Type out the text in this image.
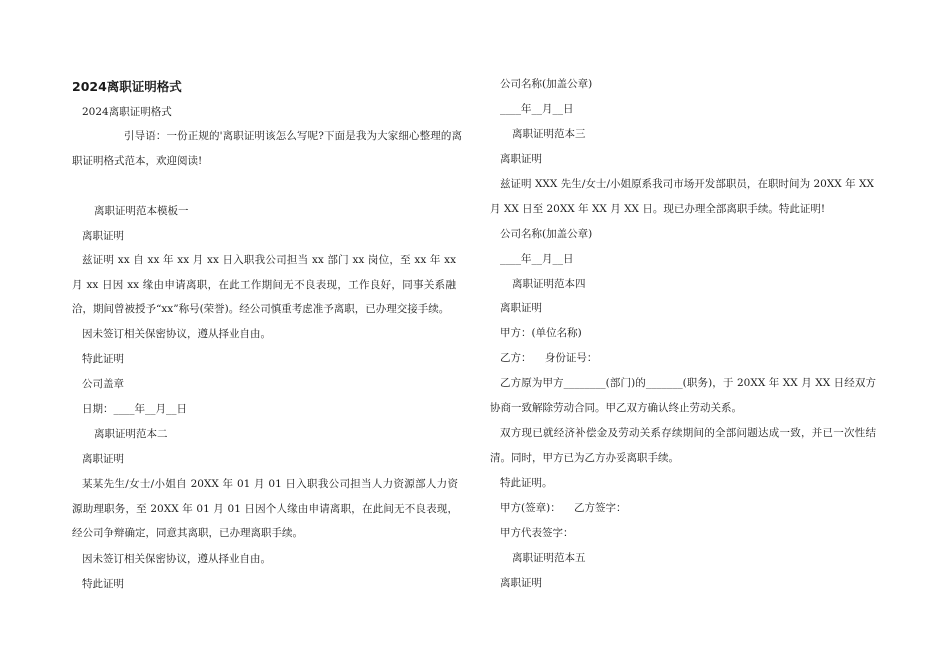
2024离职证明格式
2024离职证明格式
引导语：一份正规的'离职证明该怎么写呢?下面是我为大家细心整理的离职证明格式范本，欢迎阅读!
离职证明范本模板一
离职证明
兹证明 xx 自 xx 年 xx 月 xx 日入职我公司担当 xx 部门 xx 岗位，至 xx 年 xx 月 xx 日因 xx 缘由申请离职，在此工作期间无不良表现，工作良好，同事关系融洽，期间曾被授予“xx”称号(荣誉)。经公司慎重考虑准予离职，已办理交接手续。
因未签订相关保密协议，遵从择业自由。
特此证明
公司盖章
日期：____年__月__日
离职证明范本二
离职证明
某某先生/女士/小姐自 20XX 年 01 月 01 日入职我公司担当人力资源部人力资源助理职务，至 20XX 年 01 月 01 日因个人缘由申请离职，在此间无不良表现，经公司争辩确定，同意其离职，已办理离职手续。
因未签订相关保密协议，遵从择业自由。
特此证明
公司名称(加盖公章)
____年__月__日
离职证明范本三
离职证明
兹证明 XXX 先生/女士/小姐原系我司市场开发部职员，在职时间为 20XX 年 XX 月 XX 日至 20XX 年 XX 月 XX 日。现已办理全部离职手续。特此证明!
公司名称(加盖公章)
____年__月__日
离职证明范本四
离职证明
甲方：(单位名称)
乙方：    身份证号：
乙方原为甲方________(部门)的_______(职务)，于 20XX 年 XX 月 XX 日经双方协商一致解除劳动合同。甲乙双方确认终止劳动关系。
双方现已就经济补偿金及劳动关系存续期间的全部问题达成一致，并已一次性结清。同时，甲方已为乙方办妥离职手续。
特此证明。
甲方(签章)：    乙方签字：
甲方代表签字：
离职证明范本五
离职证明
